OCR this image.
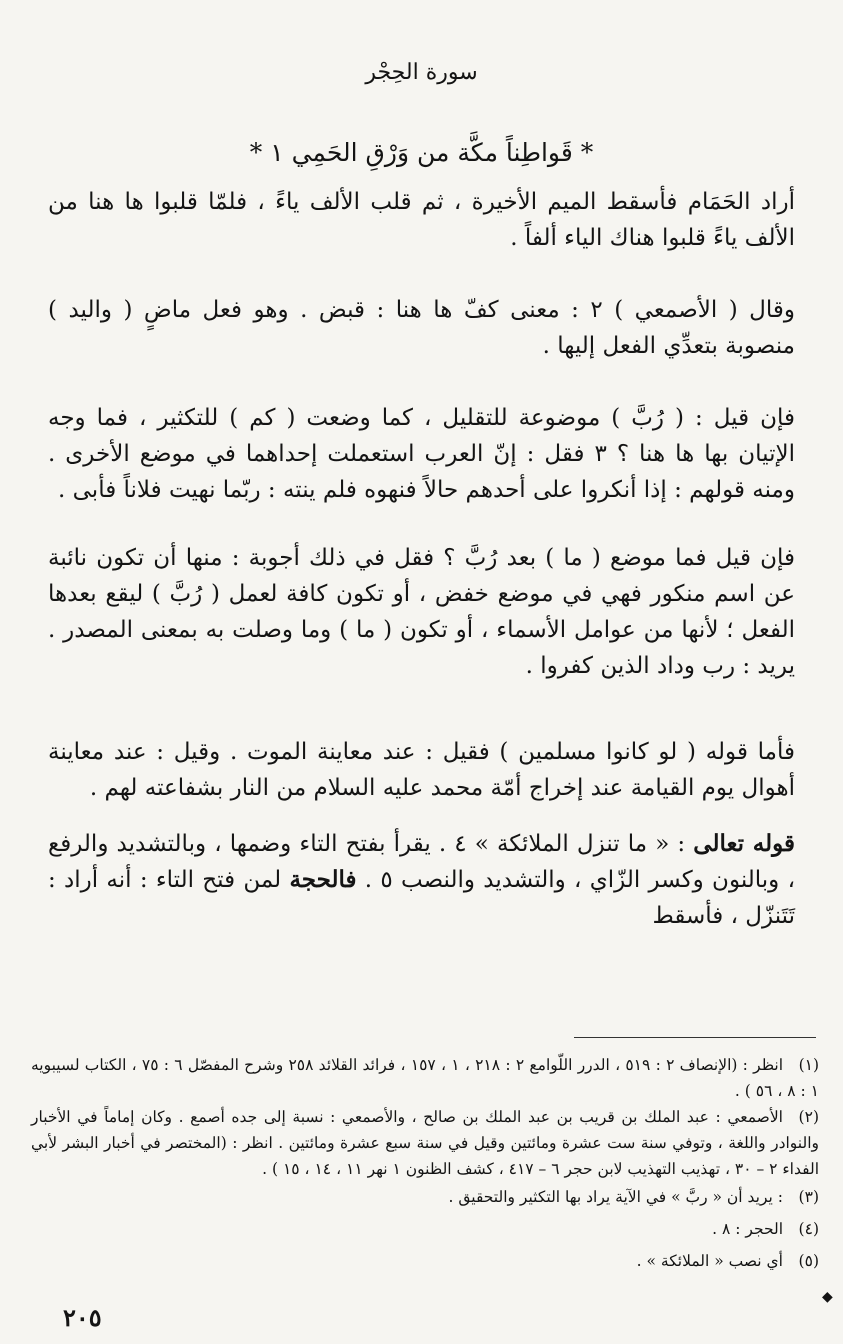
سورة الحِجْر
* قَواطِناً مكَّة من وَرْقِ الحَمِي ١ *
أراد الحَمَام فأسقط الميم الأخيرة ، ثم قلب الألف ياءً ، فلمّا قلبوا ها هنا من الألف ياءً قلبوا هناك الياء ألفاً .
وقال ( الأصمعي ) ٢ : معنى كفّ ها هنا : قبض . وهو فعل ماضٍ ( واليد ) منصوبة بتعدِّي الفعل إليها .
فإن قيل : ( رُبَّ ) موضوعة للتقليل ، كما وضعت ( كم ) للتكثير ، فما وجه الإتيان بها ها هنا ؟ ٣ فقل : إنّ العرب استعملت إحداهما في موضع الأخرى . ومنه قولهم : إذا أنكروا على أحدهم حالاً فنهوه فلم ينته : ربّما نهيت فلاناً فأبى .
فإن قيل فما موضع ( ما ) بعد رُبَّ ؟ فقل في ذلك أجوبة : منها أن تكون نائبة عن اسم منكور فهي في موضع خفض ، أو تكون كافة لعمل ( رُبَّ ) ليقع بعدها الفعل ؛ لأنها من عوامل الأسماء ، أو تكون ( ما ) وما وصلت به بمعنى المصدر . يريد : رب وداد الذين كفروا .
فأما قوله ( لو كانوا مسلمين ) فقيل : عند معاينة الموت . وقيل : عند معاينة أهوال يوم القيامة عند إخراج أمّة محمد عليه السلام من النار بشفاعته لهم .
قوله تعالى : « ما تنزل الملائكة » ٤ . يقرأ بفتح التاء وضمها ، وبالتشديد والرفع ، وبالنون وكسر الزّاي ، والتشديد والنصب ٥ . فالحجة لمن فتح التاء : أنه أراد : تَتَنزّل ، فأسقط
(١)انظر : (الإنصاف ٢ : ٥١٩ ، الدرر اللّوامع ٢ : ٢١٨ ، ١ ، ١٥٧ ، فرائد القلائد ٢٥٨ وشرح المفصّل ٦ : ٧٥ ، الكتاب لسيبويه ١ : ٨ ، ٥٦ ) .
(٢)الأصمعي : عبد الملك بن قريب بن عبد الملك بن صالح ، والأصمعي : نسبة إلى جده أصمع . وكان إماماً في الأخبار والنوادر واللغة ، وتوفي سنة ست عشرة ومائتين وقيل في سنة سبع عشرة ومائتين . انظر : (المختصر في أخبار البشر لأبي الفداء ٢ – ٣٠ ، تهذيب التهذيب لابن حجر ٦ – ٤١٧ ، كشف الظنون ١ نهر ١١ ، ١٤ ، ١٥ ) .
(٣): يريد أن « ربَّ » في الآية يراد بها التكثير والتحقيق .
(٤)الحجر : ٨ .
(٥)أي نصب « الملائكة » .
◆
٢٠٥
